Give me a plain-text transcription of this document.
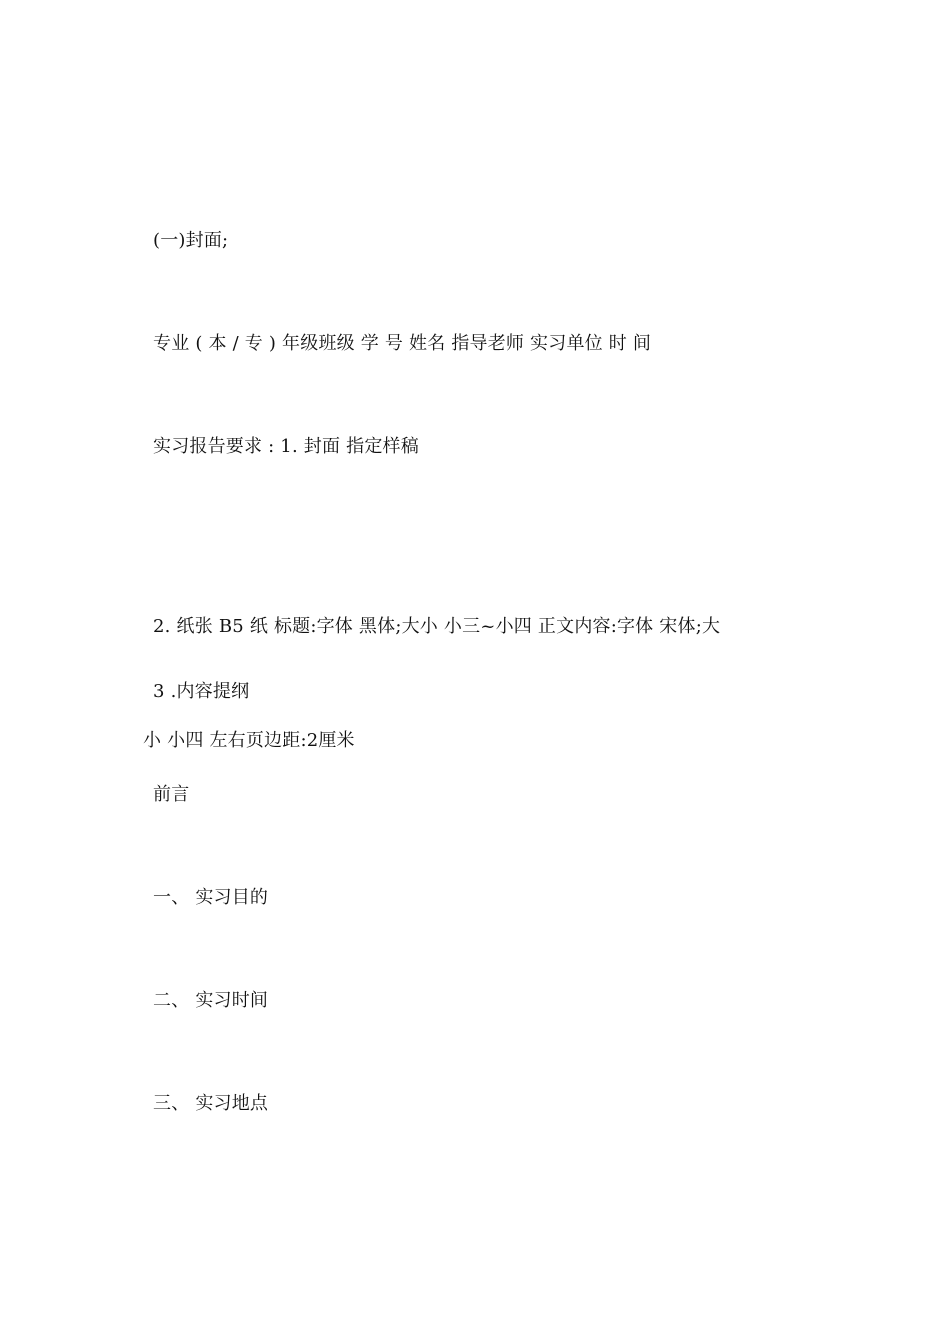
(一)封面;
专业 ( 本 / 专 ) 年级班级 学 号 姓名 指导老师 实习单位 时 间
实习报告要求 : 1. 封面 指定样稿

2. 纸张 B5 纸 标题:字体 黑体;大小 小三~小四 正文内容:字体 宋体;大

小 小四 左右页边距:2厘米

3 .内容提纲
前言
一、 实习目的
二、 实习时间
三、 实习地点
